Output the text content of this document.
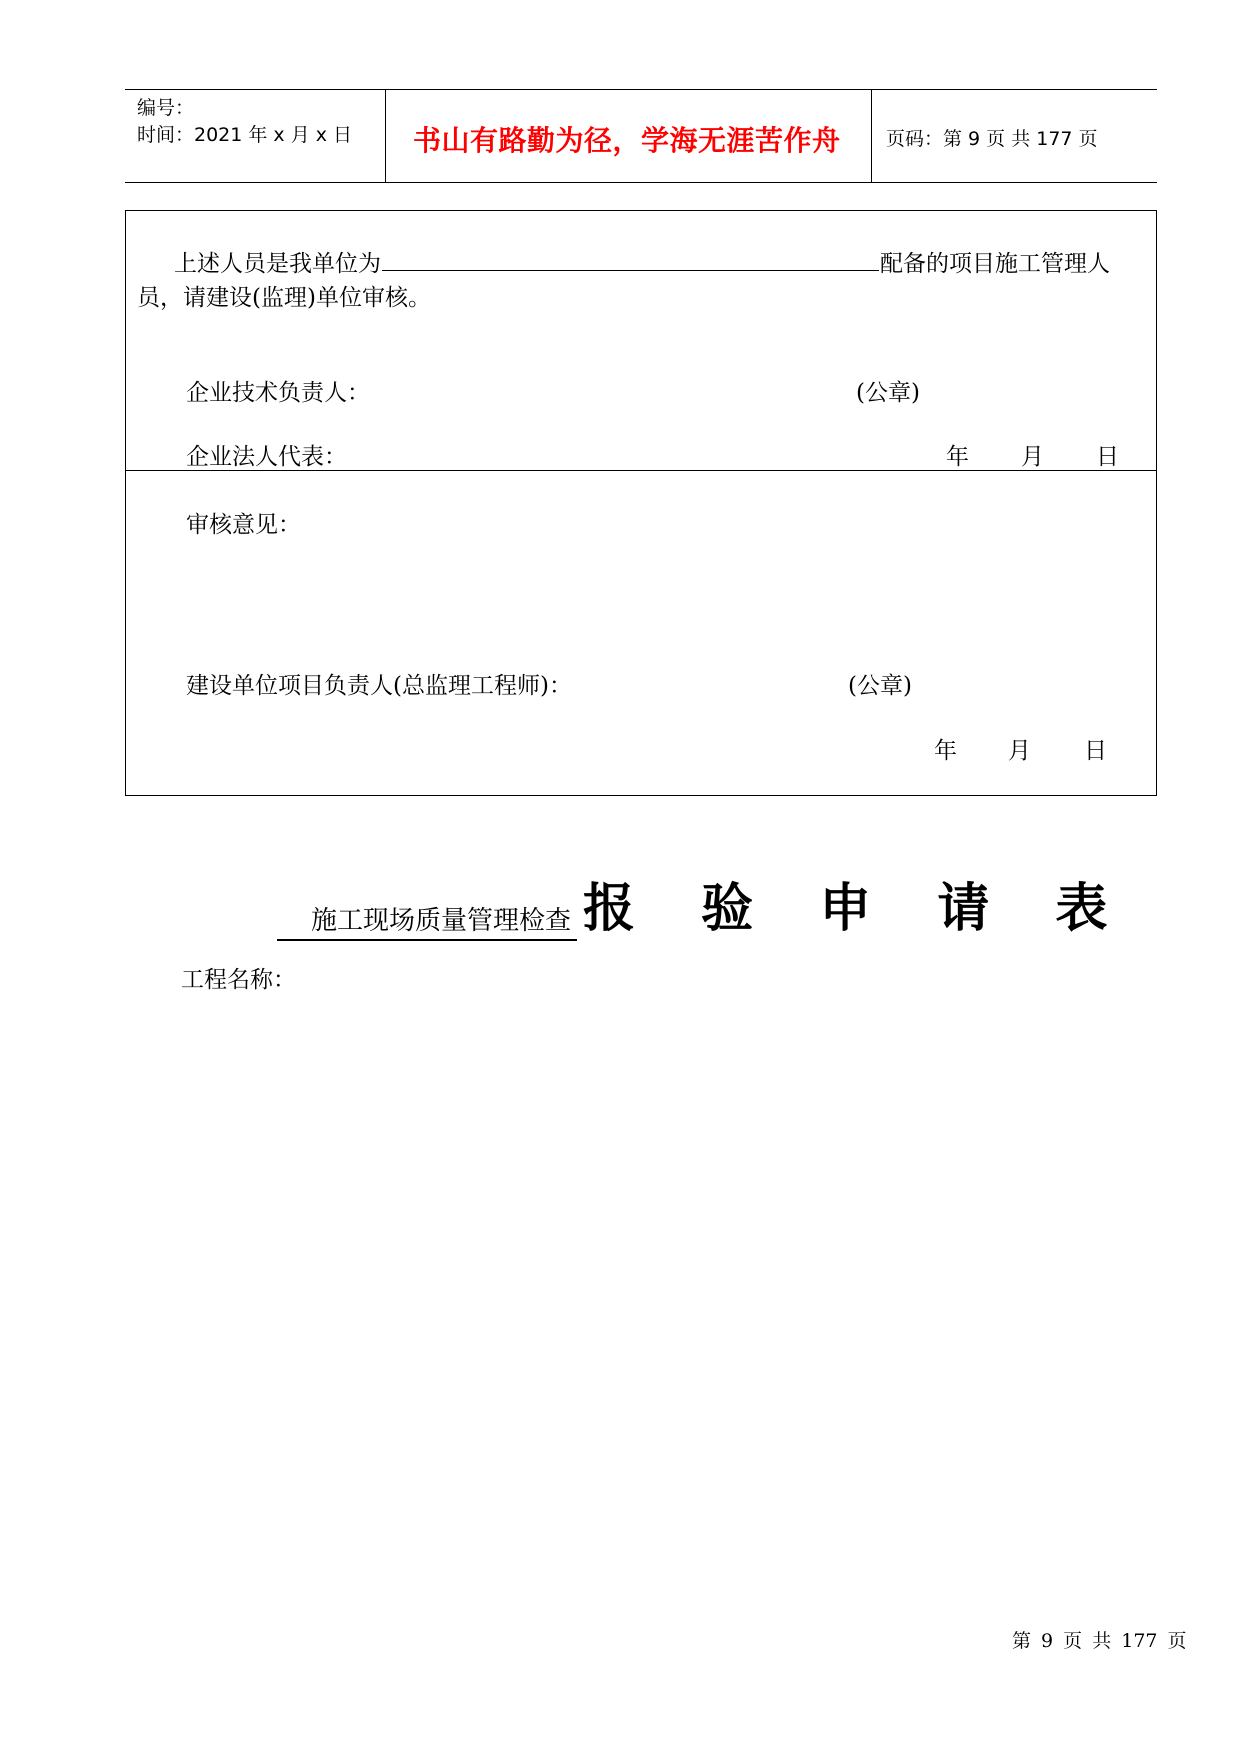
编号：
时间：2021 年 x 月 x 日 书山有路勤为径，学海无涯苦作舟 页码：第 9 页 共 177 页
上述人员是我单位为	配备的项目施工管理人
员，请建设(监理)单位审核。
企业技术负责人：	(公章)
企业法人代表：	年 月 日
审核意见：
建设单位项目负责人(总监理工程师)：	(公章)
年 月 日
施工现场质量管理检查 报 验 申 请 表
工程名称：
第 9 页 共 177 页
